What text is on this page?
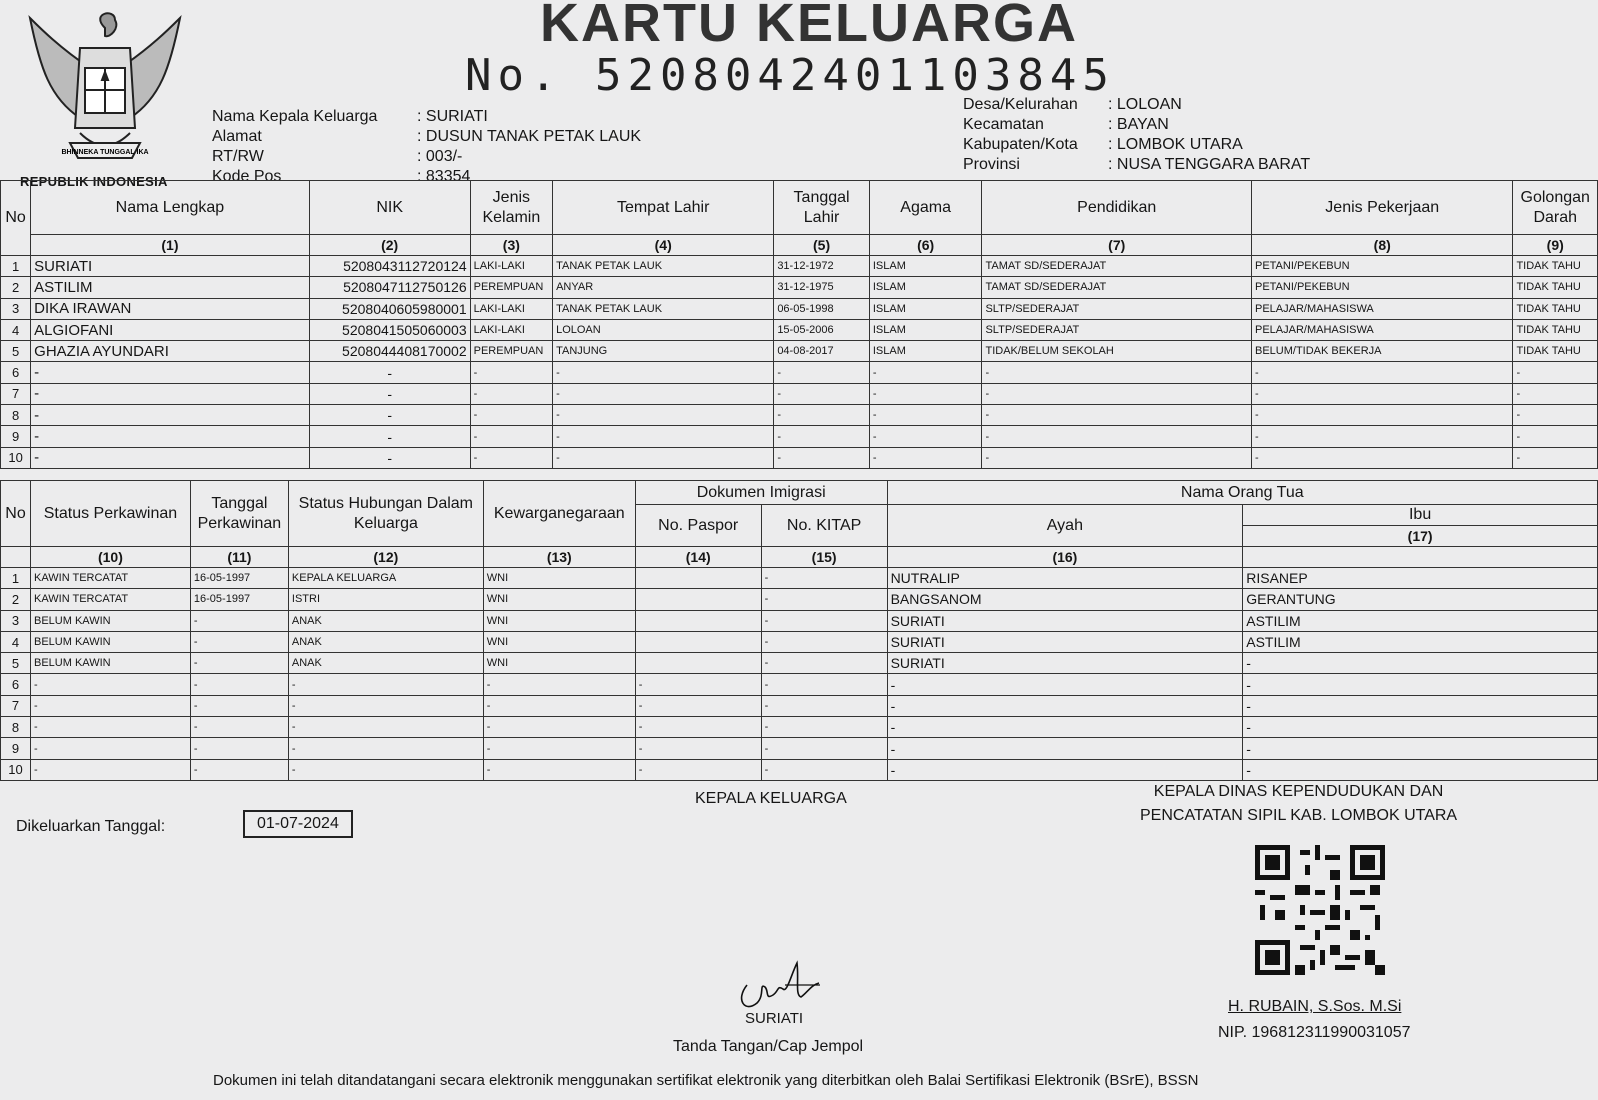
BHINNEKA TUNGGAL IKA
REPUBLIK INDONESIA
KARTU KELUARGA
No. 5208042401103845
Nama Kepala Keluarga : SURIATI
Alamat	: DUSUN TANAK PETAK LAUK
RT/RW	: 003/-
Kode Pos	: 83354
Desa/Kelurahan : LOLOAN
Kecamatan	: BAYAN
Kabupaten/Kota : LOMBOK UTARA
Provinsi	: NUSA TENGGARA BARAT
No	Nama Lengkap	NIK	Jenis Kelamin	Tempat Lahir	Tanggal Lahir	Agama	Pendidikan	Jenis Pekerjaan	Golongan Darah
	(1)	(2)	(3)	(4)	(5)	(6)	(7)	(8)	(9)
1	SURIATI	5208043112720124	LAKI-LAKI	TANAK PETAK LAUK	31-12-1972	ISLAM	TAMAT SD/SEDERAJAT	PETANI/PEKEBUN	TIDAK TAHU
2	ASTILIM	5208047112750126	PEREMPUAN	ANYAR	31-12-1975	ISLAM	TAMAT SD/SEDERAJAT	PETANI/PEKEBUN	TIDAK TAHU
3	DIKA IRAWAN	5208040605980001	LAKI-LAKI	TANAK PETAK LAUK	06-05-1998	ISLAM	SLTP/SEDERAJAT	PELAJAR/MAHASISWA	TIDAK TAHU
4	ALGIOFANI	5208041505060003	LAKI-LAKI	LOLOAN	15-05-2006	ISLAM	SLTP/SEDERAJAT	PELAJAR/MAHASISWA	TIDAK TAHU
5	GHAZIA AYUNDARI	5208044408170002	PEREMPUAN	TANJUNG	04-08-2017	ISLAM	TIDAK/BELUM SEKOLAH	BELUM/TIDAK BEKERJA	TIDAK TAHU
6	-	-	-	-	-	-	-	-	-
7	-	-	-	-	-	-	-	-	-
8	-	-	-	-	-	-	-	-	-
9	-	-	-	-	-	-	-	-	-
10	-	-	-	-	-	-	-	-	-
No	Status Perkawinan	Tanggal Perkawinan	Status Hubungan Dalam Keluarga	Kewarganegaraan	Dokumen Imigrasi		Nama Orang Tua	
					No. Paspor	No. KITAP	Ayah	Ibu
								(17)
	(10)	(11)	(12)	(13)	(14)	(15)	(16)	
1	KAWIN TERCATAT	16-05-1997	KEPALA KELUARGA	WNI		-	NUTRALIP	RISANEP
2	KAWIN TERCATAT	16-05-1997	ISTRI	WNI		-	BANGSANOM	GERANTUNG
3	BELUM KAWIN	-	ANAK	WNI		-	SURIATI	ASTILIM
4	BELUM KAWIN	-	ANAK	WNI		-	SURIATI	ASTILIM
5	BELUM KAWIN	-	ANAK	WNI		-	SURIATI	-
6	-	-	-	-	-	-	-	-
7	-	-	-	-	-	-	-	-
8	-	-	-	-	-	-	-	-
9	-	-	-	-	-	-	-	-
10	-	-	-	-	-	-	-	-
Dikeluarkan Tanggal:	01-07-2024
KEPALA KELUARGA	KEPALA DINAS KEPENDUDUKAN DAN
PENCATATAN SIPIL KAB. LOMBOK UTARA
SURIATI
Tanda Tangan/Cap Jempol
H. RUBAIN, S.Sos. M.Si
NIP. 196812311990031057
Dokumen ini telah ditandatangani secara elektronik menggunakan sertifikat elektronik yang diterbitkan oleh Balai Sertifikasi Elektronik (BSrE), BSSN
